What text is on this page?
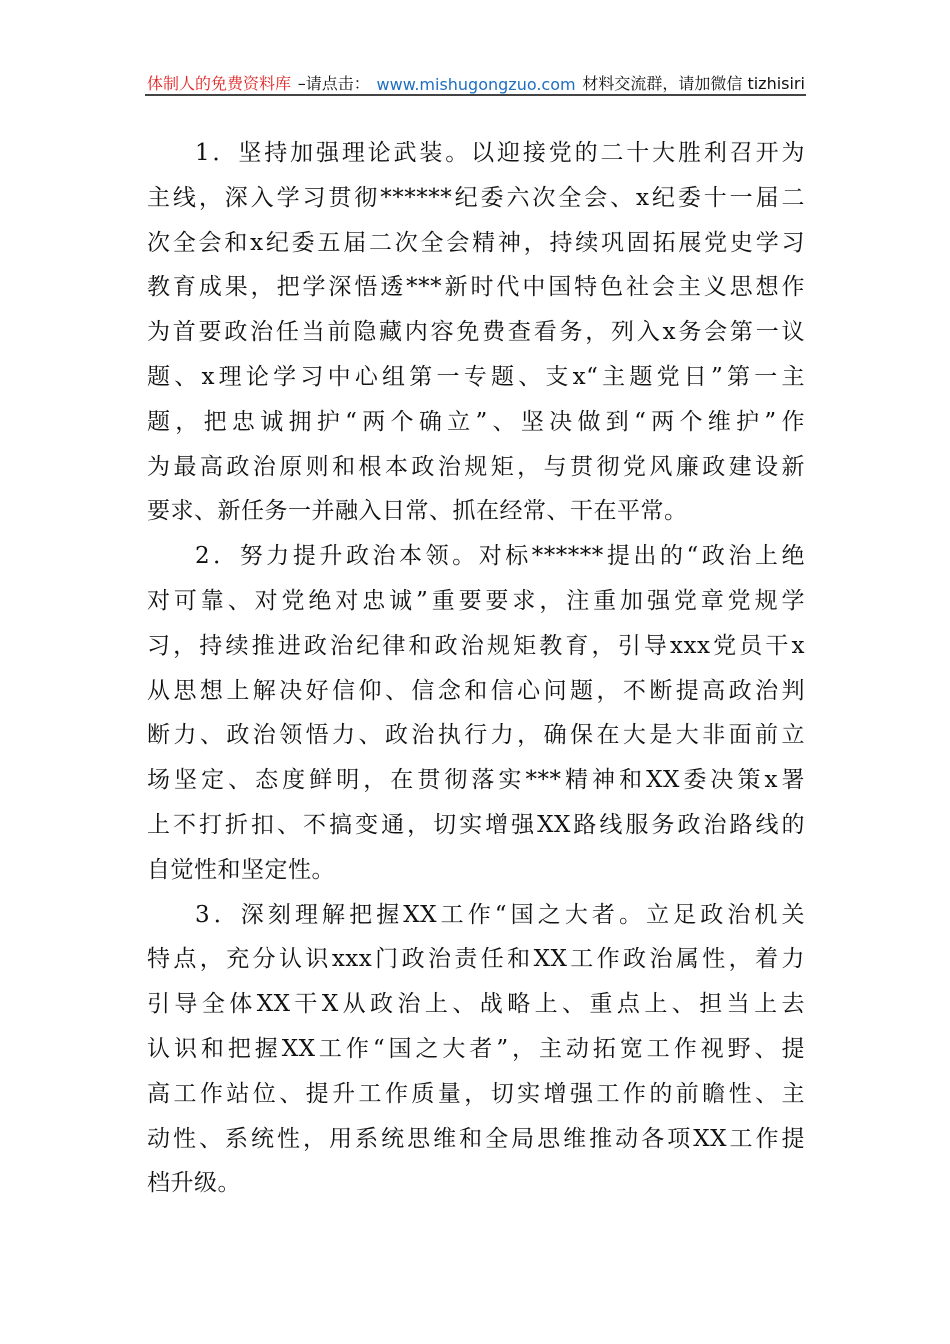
体制人的免费资料库 –请点击： www.mishugongzuo.com 材料交流群，请加微信 tizhisiri
1．坚持加强理论武装。以迎接党的二十大胜利召开为
主线，深入学习贯彻******纪委六次全会、x纪委十一届二
次全会和x纪委五届二次全会精神，持续巩固拓展党史学习
教育成果，把学深悟透***新时代中国特色社会主义思想作
为首要政治任当前隐藏内容免费查看务，列入x务会第一议
题、x理论学习中心组第一专题、支x“主题党日”第一主
题，把忠诚拥护“两个确立”、坚决做到“两个维护”作
为最高政治原则和根本政治规矩，与贯彻党风廉政建设新
要求、新任务一并融入日常、抓在经常、干在平常。
2．努力提升政治本领。对标******提出的“政治上绝
对可靠、对党绝对忠诚”重要要求，注重加强党章党规学
习，持续推进政治纪律和政治规矩教育，引导xxx党员干x
从思想上解决好信仰、信念和信心问题，不断提高政治判
断力、政治领悟力、政治执行力，确保在大是大非面前立
场坚定、态度鲜明，在贯彻落实***精神和XX委决策x署
上不打折扣、不搞变通，切实增强XX路线服务政治路线的
自觉性和坚定性。
3．深刻理解把握XX工作“国之大者。立足政治机关
特点，充分认识xxx门政治责任和XX工作政治属性，着力
引导全体XX干X从政治上、战略上、重点上、担当上去
认识和把握XX工作“国之大者”，主动拓宽工作视野、提
高工作站位、提升工作质量，切实增强工作的前瞻性、主
动性、系统性，用系统思维和全局思维推动各项XX工作提
档升级。
